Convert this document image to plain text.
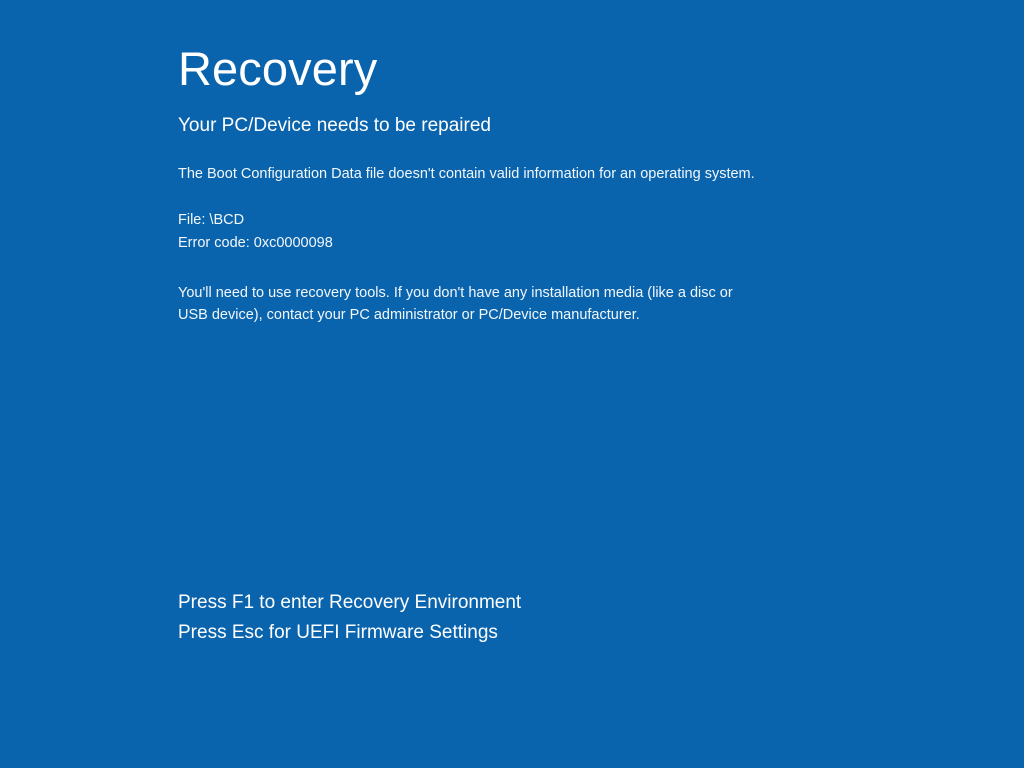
Recovery
Your PC/Device needs to be repaired
The Boot Configuration Data file doesn't contain valid information for an operating system.
File: \BCD
Error code: 0xc0000098
You'll need to use recovery tools. If you don't have any installation media (like a disc or USB device), contact your PC administrator or PC/Device manufacturer.
Press F1 to enter Recovery Environment
Press Esc for UEFI Firmware Settings
